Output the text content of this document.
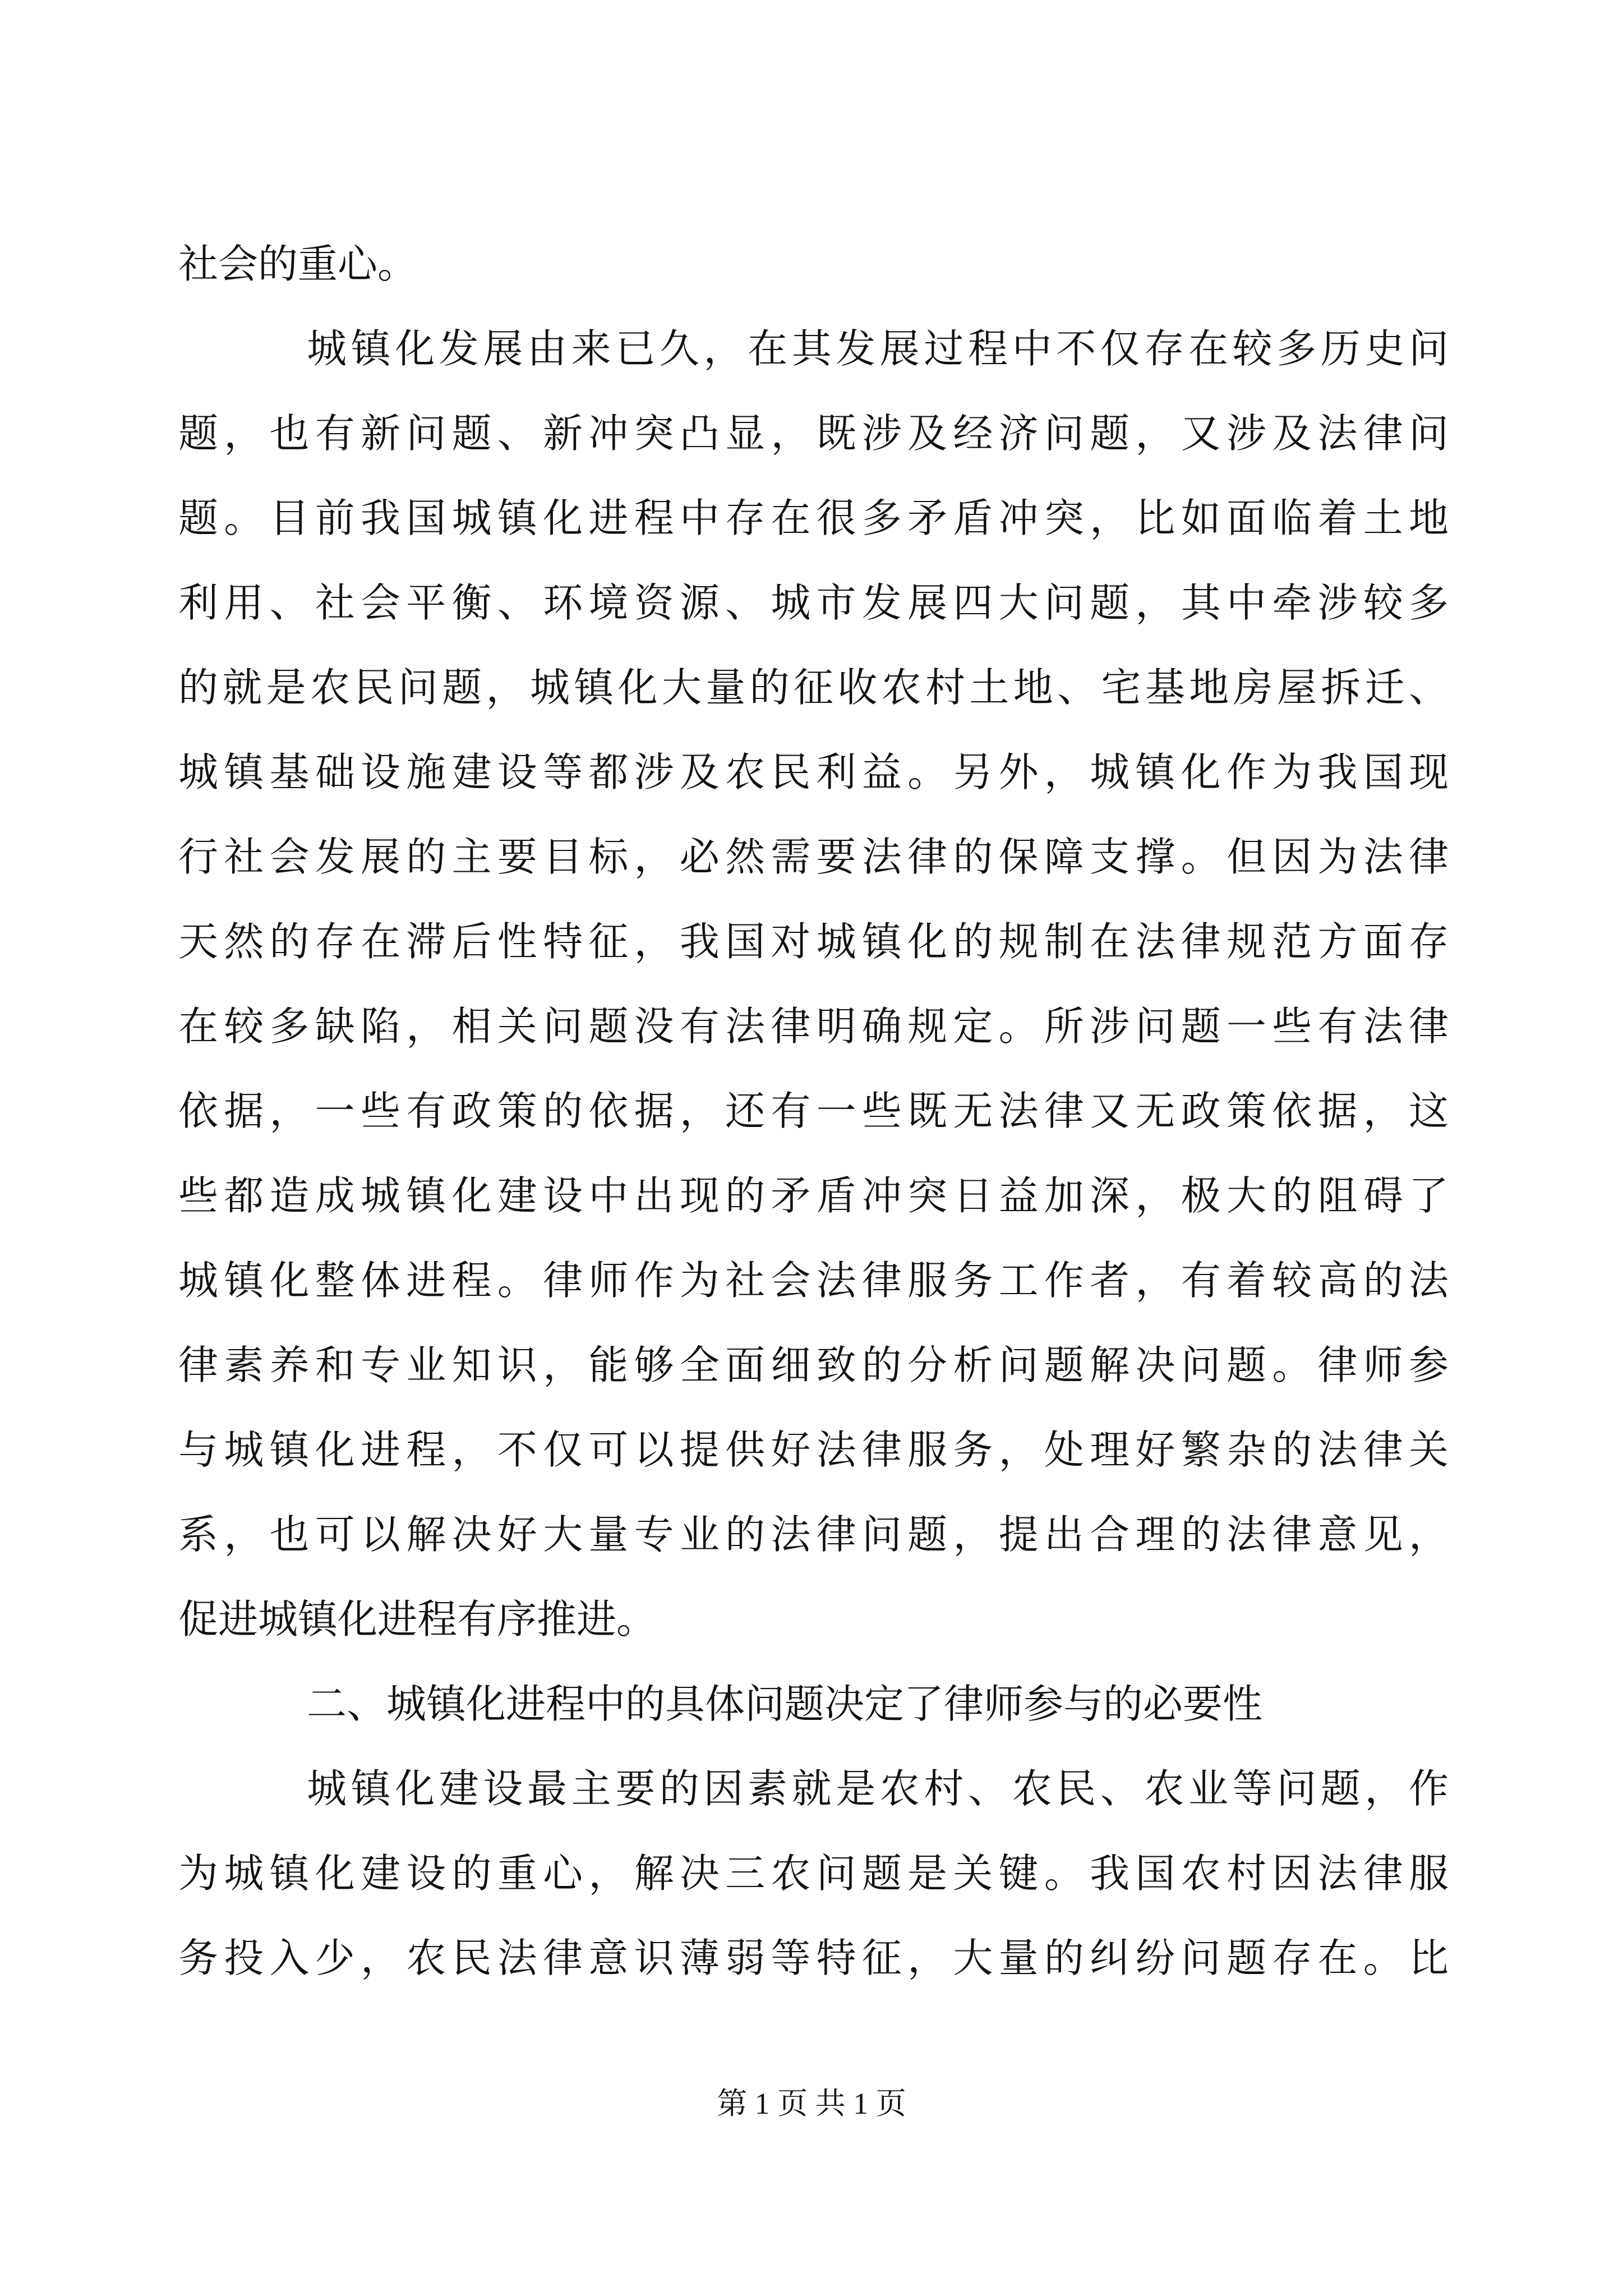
社会的重心。
城镇化发展由来已久，在其发展过程中不仅存在较多历史问
题，也有新问题、新冲突凸显，既涉及经济问题，又涉及法律问
题。目前我国城镇化进程中存在很多矛盾冲突，比如面临着土地
利用、社会平衡、环境资源、城市发展四大问题，其中牵涉较多
的就是农民问题，城镇化大量的征收农村土地、宅基地房屋拆迁、
城镇基础设施建设等都涉及农民利益。另外，城镇化作为我国现
行社会发展的主要目标，必然需要法律的保障支撑。但因为法律
天然的存在滞后性特征，我国对城镇化的规制在法律规范方面存
在较多缺陷，相关问题没有法律明确规定。所涉问题一些有法律
依据，一些有政策的依据，还有一些既无法律又无政策依据，这
些都造成城镇化建设中出现的矛盾冲突日益加深，极大的阻碍了
城镇化整体进程。律师作为社会法律服务工作者，有着较高的法
律素养和专业知识，能够全面细致的分析问题解决问题。律师参
与城镇化进程，不仅可以提供好法律服务，处理好繁杂的法律关
系，也可以解决好大量专业的法律问题，提出合理的法律意见，
促进城镇化进程有序推进。
二、城镇化进程中的具体问题决定了律师参与的必要性
城镇化建设最主要的因素就是农村、农民、农业等问题，作
为城镇化建设的重心，解决三农问题是关键。我国农村因法律服
务投入少，农民法律意识薄弱等特征，大量的纠纷问题存在。比
第 1 页 共 1 页
